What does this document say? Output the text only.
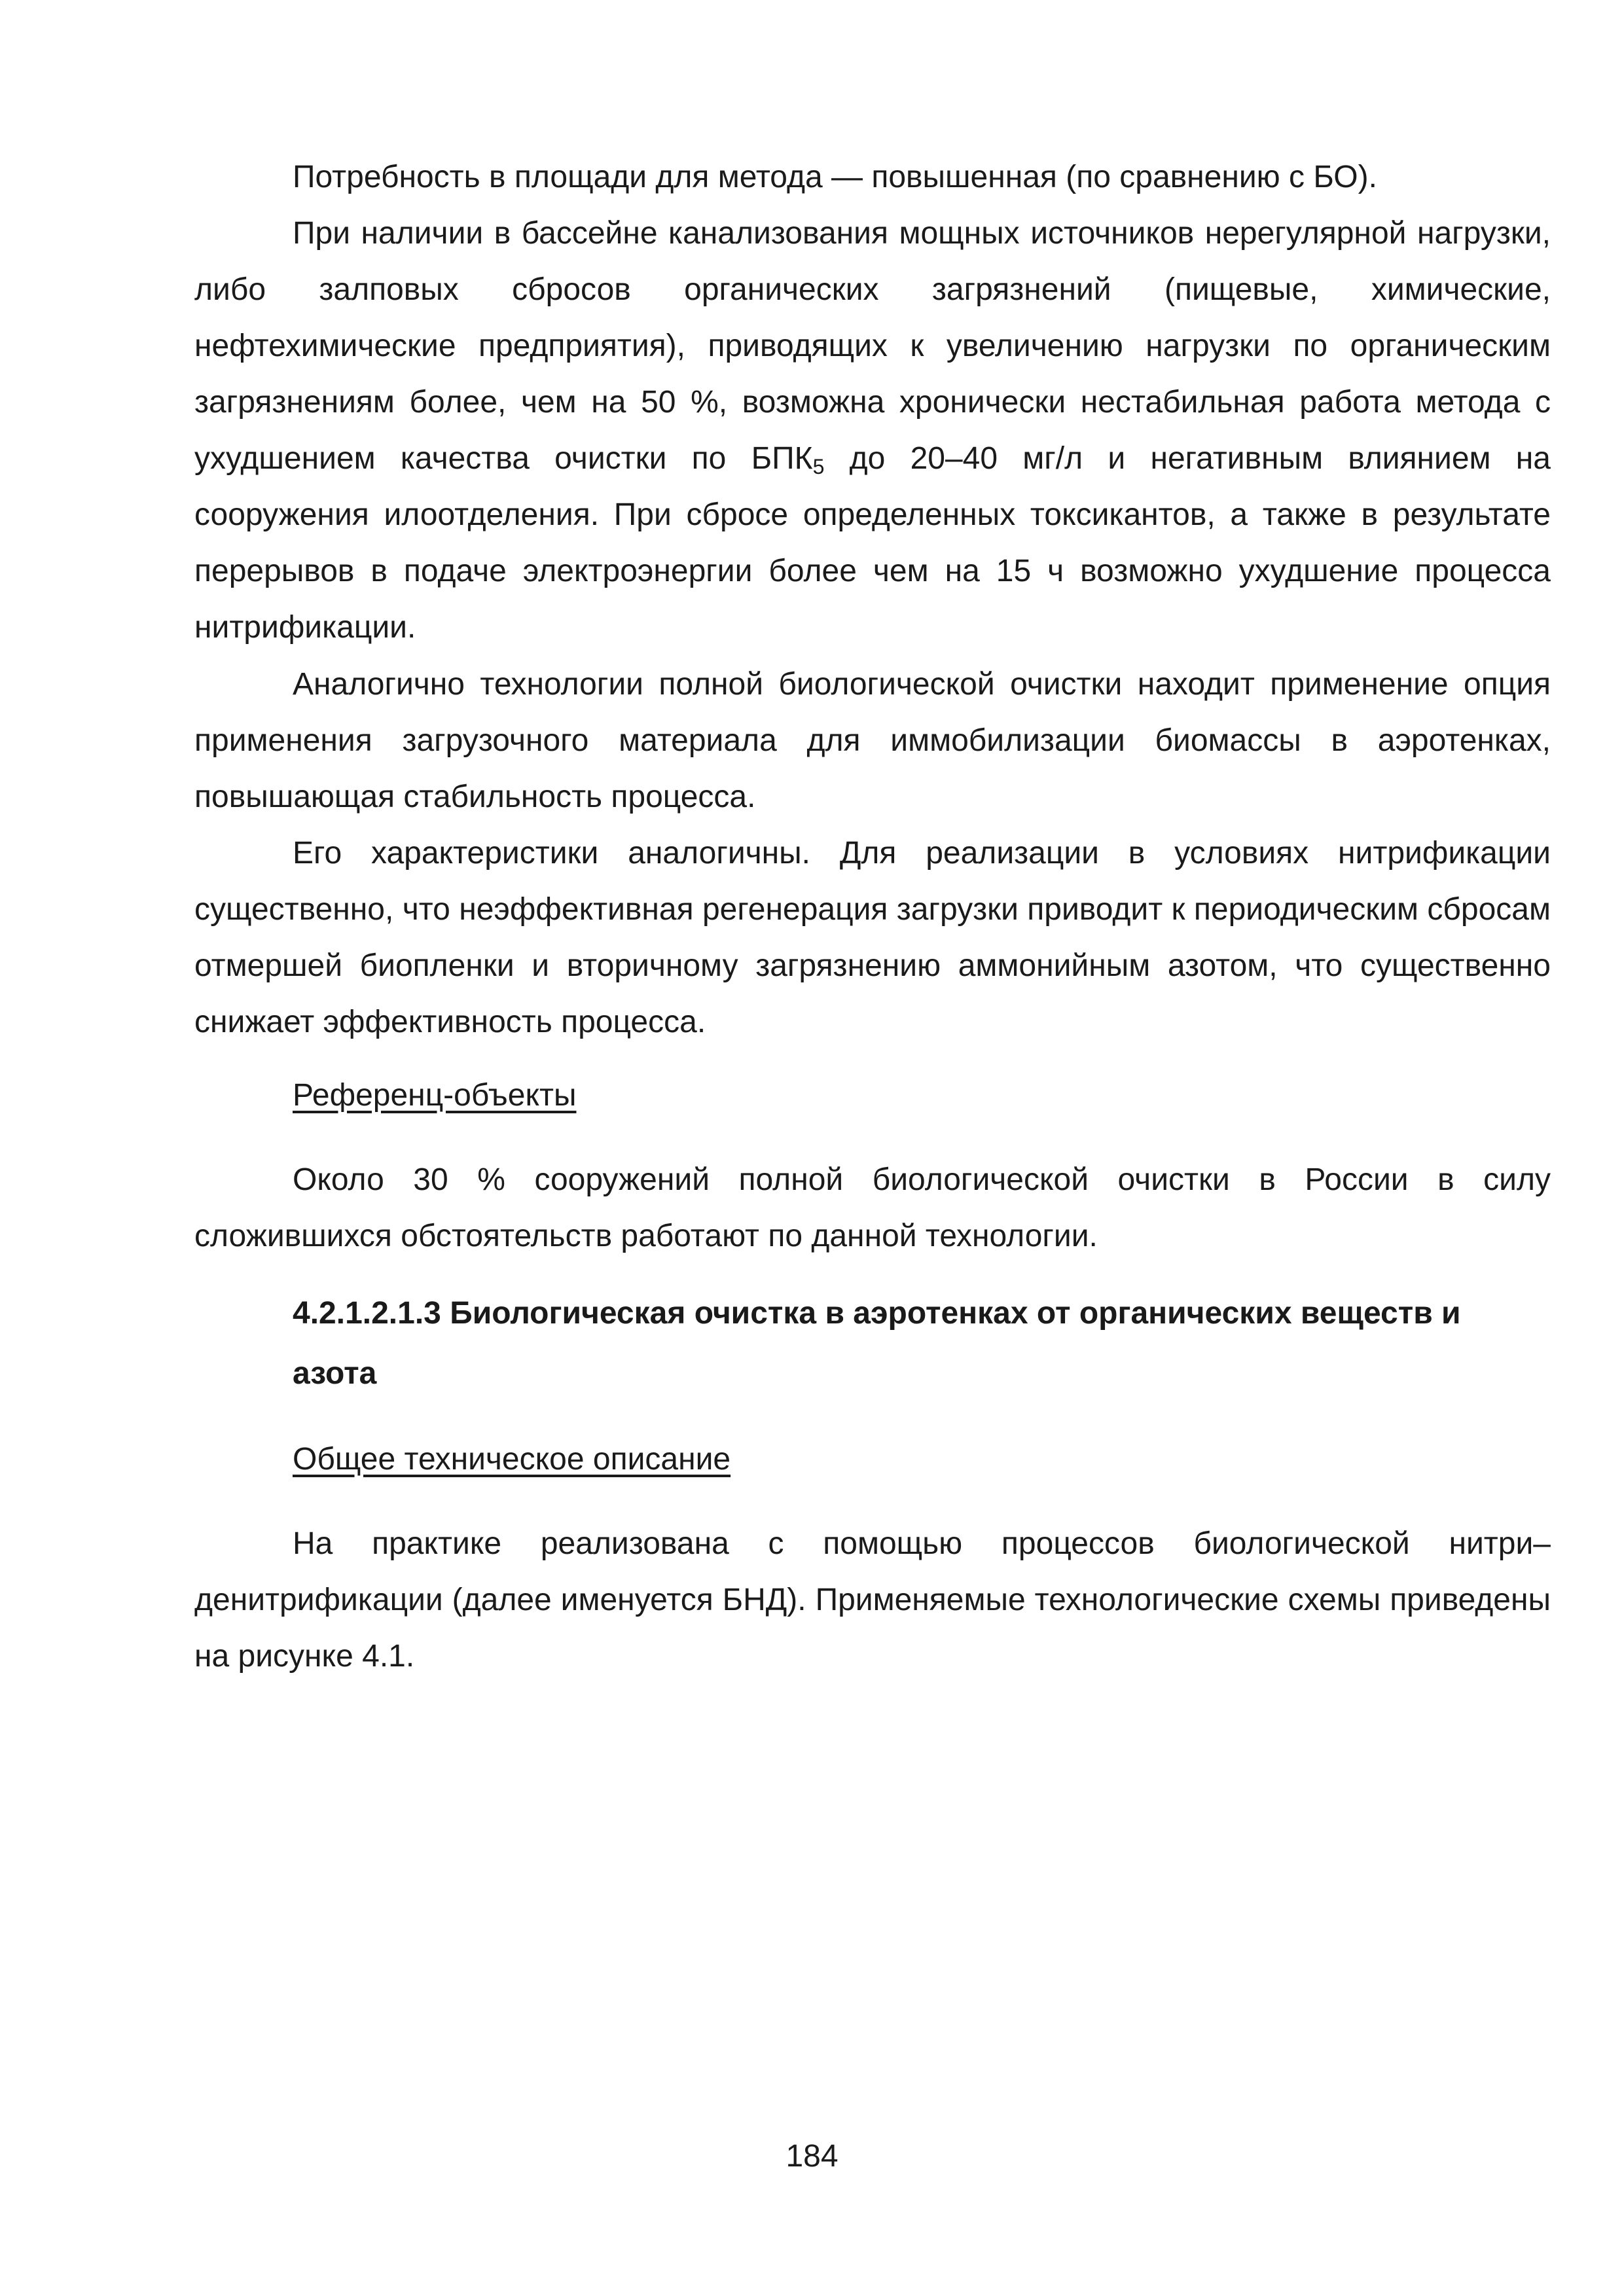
Потребность в площади для метода — повышенная (по сравнению с БО).

При наличии в бассейне канализования мощных источников нерегулярной нагрузки, либо залповых сбросов органических загрязнений (пищевые, химические, нефтехимические предприятия), приводящих к увеличению нагрузки по органическим загрязнениям более, чем на 50 %, возможна хронически нестабильная работа метода с ухудшением качества очистки по $БПК_5$ до 20–40 мг/л и негативным влиянием на сооружения илоотделения. При сбросе определенных токсикантов, а также в результате перерывов в подаче электроэнергии более чем на 15 ч возможно ухудшение процесса нитрификации.

Аналогично технологии полной биологической очистки находит применение опция применения загрузочного материала для иммобилизации биомассы в аэротенках, повышающая стабильность процесса.

Его характеристики аналогичны. Для реализации в условиях нитрификации существенно, что неэффективная регенерация загрузки приводит к периодическим сбросам отмершей биопленки и вторичному загрязнению аммонийным азотом, что существенно снижает эффективность процесса.

Референц-объекты

Около 30 % сооружений полной биологической очистки в России в силу сложившихся обстоятельств работают по данной технологии.

4.2.1.2.1.3 Биологическая очистка в аэротенках от органических веществ и азота

Общее техническое описание

На практике реализована с помощью процессов биологической нитри–денитрификации (далее именуется БНД). Применяемые технологические схемы приведены на рисунке 4.1.

184
